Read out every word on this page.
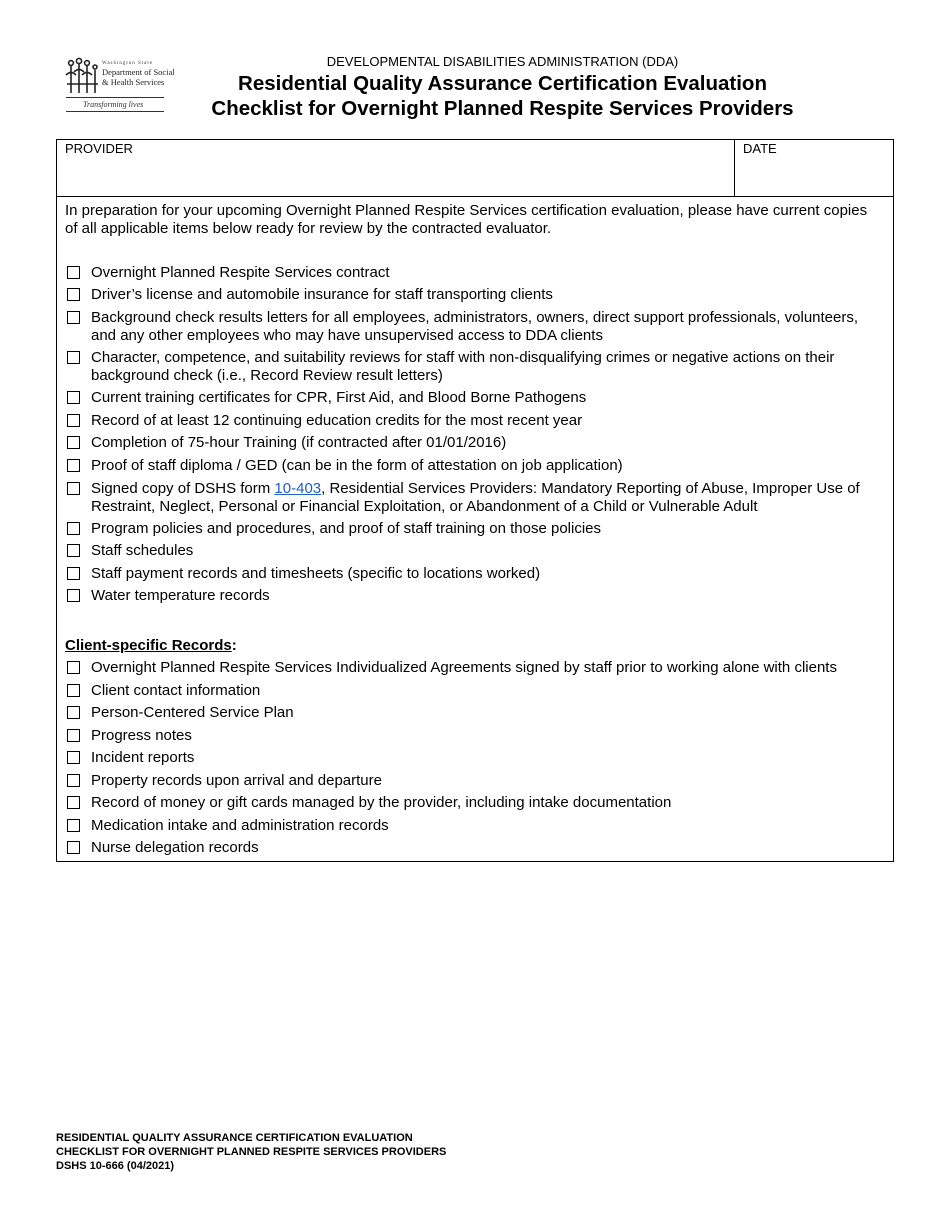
Washington State
Department of Social
& Health Services
Transforming lives
DEVELOPMENTAL DISABILITIES ADMINISTRATION (DDA)
Residential Quality Assurance Certification Evaluation
Checklist for Overnight Planned Respite Services Providers
PROVIDER	DATE
In preparation for your upcoming Overnight Planned Respite Services certification evaluation, please have current copies of all applicable items below ready for review by the contracted evaluator.
Overnight Planned Respite Services contract
Driver’s license and automobile insurance for staff transporting clients
Background check results letters for all employees, administrators, owners, direct support professionals, volunteers, and any other employees who may have unsupervised access to DDA clients
Character, competence, and suitability reviews for staff with non-disqualifying crimes or negative actions on their background check (i.e., Record Review result letters)
Current training certificates for CPR, First Aid, and Blood Borne Pathogens
Record of at least 12 continuing education credits for the most recent year
Completion of 75-hour Training (if contracted after 01/01/2016)
Proof of staff diploma / GED (can be in the form of attestation on job application)
Signed copy of DSHS form 10-403, Residential Services Providers: Mandatory Reporting of Abuse, Improper Use of Restraint, Neglect, Personal or Financial Exploitation, or Abandonment of a Child or Vulnerable Adult
Program policies and procedures, and proof of staff training on those policies
Staff schedules
Staff payment records and timesheets (specific to locations worked)
Water temperature records
Client-specific Records:
Overnight Planned Respite Services Individualized Agreements signed by staff prior to working alone with clients
Client contact information
Person-Centered Service Plan
Progress notes
Incident reports
Property records upon arrival and departure
Record of money or gift cards managed by the provider, including intake documentation
Medication intake and administration records
Nurse delegation records
RESIDENTIAL QUALITY ASSURANCE CERTIFICATION EVALUATION
CHECKLIST FOR OVERNIGHT PLANNED RESPITE SERVICES PROVIDERS
DSHS 10-666 (04/2021)
